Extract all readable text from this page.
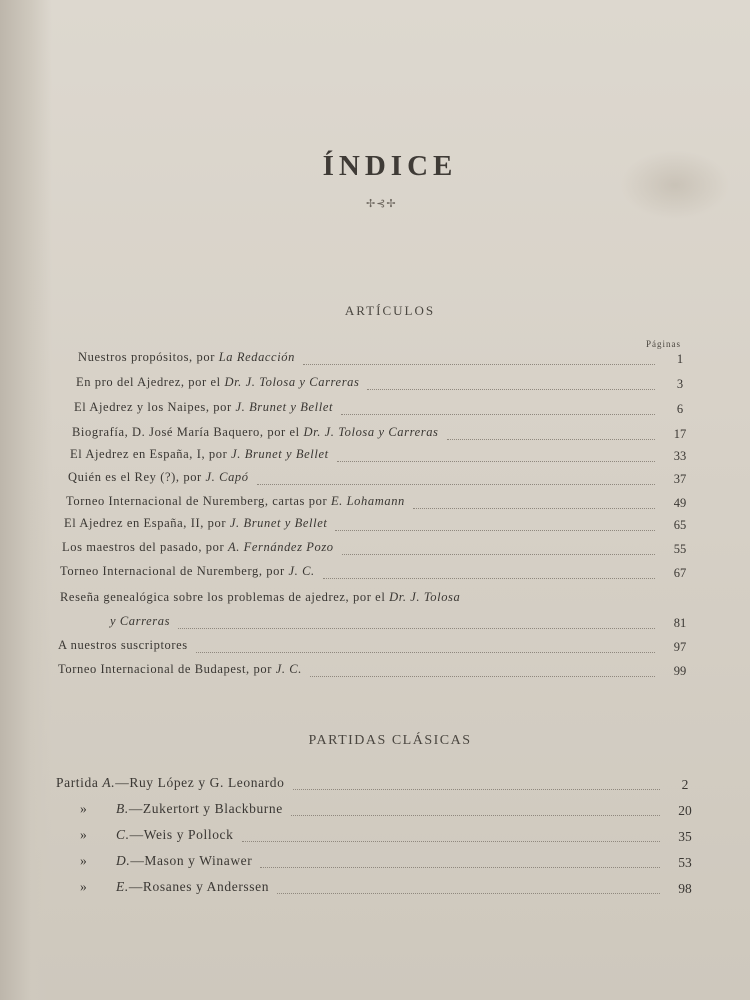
ÍNDICE
✢⊰✢
ARTÍCULOS
Páginas
Nuestros propósitos, por La Redacción	1
En pro del Ajedrez, por el Dr. J. Tolosa y Carreras	3
El Ajedrez y los Naipes, por J. Brunet y Bellet	6
Biografía, D. José María Baquero, por el Dr. J. Tolosa y Carreras	17
El Ajedrez en España, I, por J. Brunet y Bellet	33
Quién es el Rey (?), por J. Capó	37
Torneo Internacional de Nuremberg, cartas por E. Lohamann	49
El Ajedrez en España, II, por J. Brunet y Bellet	65
Los maestros del pasado, por A. Fernández Pozo	55
Torneo Internacional de Nuremberg, por J. C.	67
Reseña genealógica sobre los problemas de ajedrez, por el Dr. J. Tolosa
y Carreras	81
A nuestros suscriptores	97
Torneo Internacional de Budapest, por J. C.	99
PARTIDAS CLÁSICAS
Partida A.—Ruy López y G. Leonardo	2
» B.—Zukertort y Blackburne	20
» C.—Weis y Pollock	35
» D.—Mason y Winawer	53
» E.—Rosanes y Anderssen	98
